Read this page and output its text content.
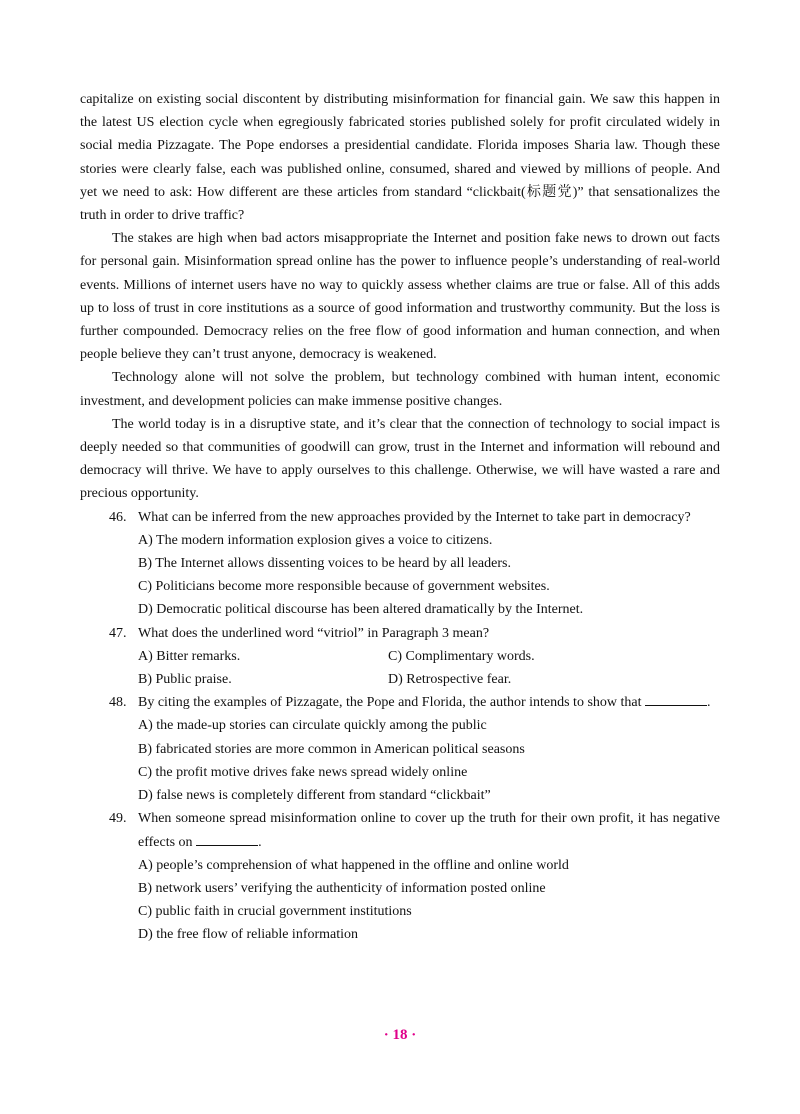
capitalize on existing social discontent by distributing misinformation for financial gain. We saw this happen in the latest US election cycle when egregiously fabricated stories published solely for profit circulated widely in social media Pizzagate. The Pope endorses a presidential candidate. Florida imposes Sharia law. Though these stories were clearly false, each was published online, consumed, shared and viewed by millions of people. And yet we need to ask: How different are these articles from standard “clickbait(标题党)” that sensationalizes the truth in order to drive traffic?

The stakes are high when bad actors misappropriate the Internet and position fake news to drown out facts for personal gain. Misinformation spread online has the power to influence people’s understanding of real-world events. Millions of internet users have no way to quickly assess whether claims are true or false. All of this adds up to loss of trust in core institutions as a source of good information and trustworthy community. But the loss is further compounded. Democracy relies on the free flow of good information and human connection, and when people believe they can’t trust anyone, democracy is weakened.

Technology alone will not solve the problem, but technology combined with human intent, economic investment, and development policies can make immense positive changes.

The world today is in a disruptive state, and it’s clear that the connection of technology to social impact is deeply needed so that communities of goodwill can grow, trust in the Internet and information will rebound and democracy will thrive. We have to apply ourselves to this challenge. Otherwise, we will have wasted a rare and precious opportunity.

46. What can be inferred from the new approaches provided by the Internet to take part in democracy?

A) The modern information explosion gives a voice to citizens.

B) The Internet allows dissenting voices to be heard by all leaders.

C) Politicians become more responsible because of government websites.

D) Democratic political discourse has been altered dramatically by the Internet.

47. What does the underlined word “vitriol” in Paragraph 3 mean?

A) Bitter remarks.	C) Complimentary words.
B) Public praise.	D) Retrospective fear.

48. By citing the examples of Pizzagate, the Pope and Florida, the author intends to show that	.

A) the made-up stories can circulate quickly among the public

B) fabricated stories are more common in American political seasons

C) the profit motive drives fake news spread widely online

D) false news is completely different from standard “clickbait”

49. When someone spread misinformation online to cover up the truth for their own profit, it has negative effects on	.

A) people’s comprehension of what happened in the offline and online world

B) network users’ verifying the authenticity of information posted online

C) public faith in crucial government institutions

D) the free flow of reliable information

· 18 ·
